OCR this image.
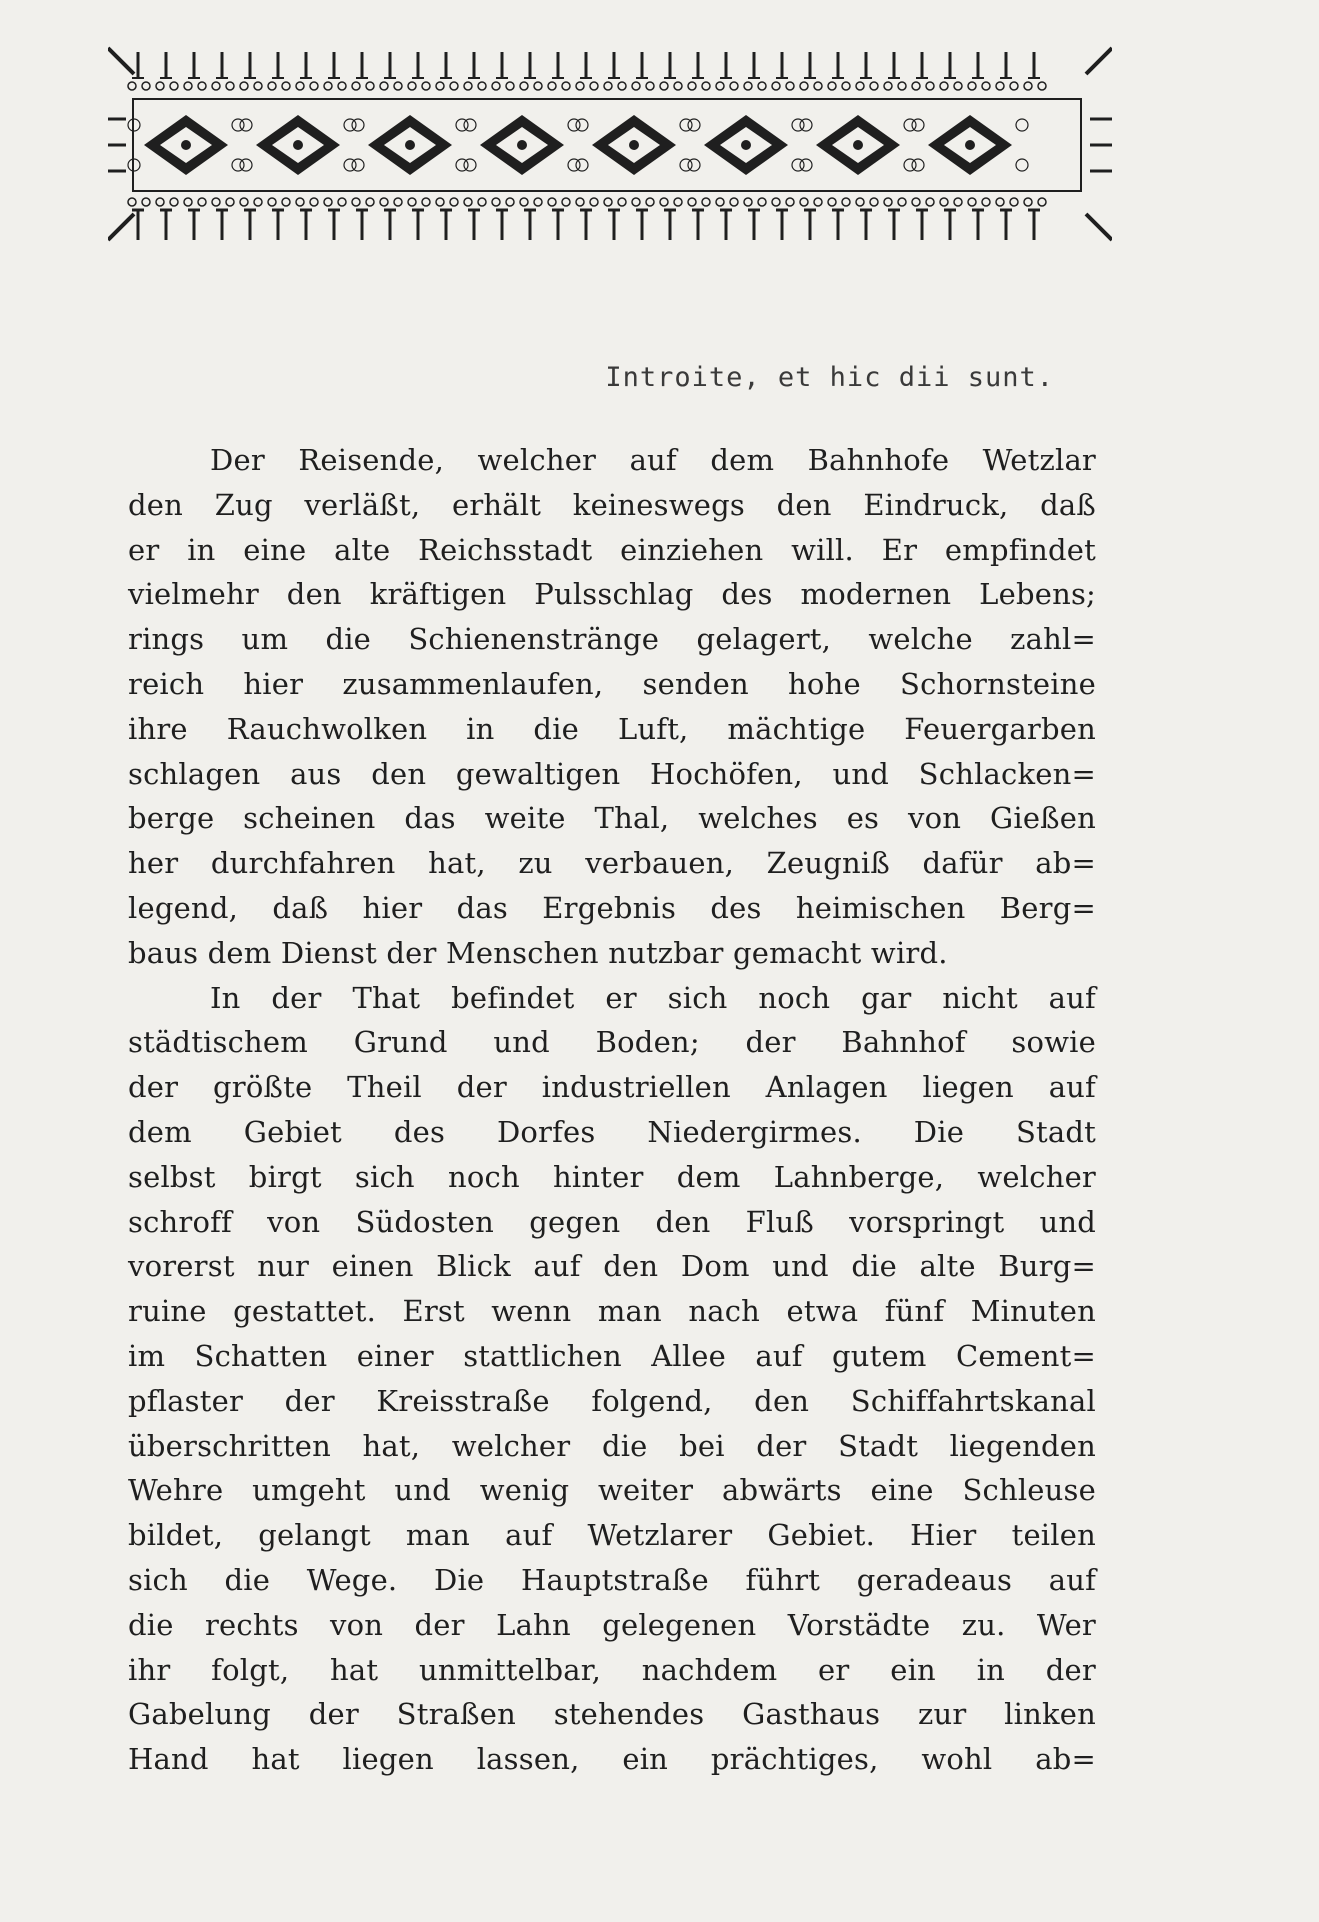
Introite, et hic dii sunt.
Der Reisende, welcher auf dem Bahnhofe Wetzlar
den Zug verläßt, erhält keineswegs den Eindruck, daß
er in eine alte Reichsstadt einziehen will. Er empfindet
vielmehr den kräftigen Pulsschlag des modernen Lebens;
rings um die Schienenstränge gelagert, welche zahl=
reich hier zusammenlaufen, senden hohe Schornsteine
ihre Rauchwolken in die Luft, mächtige Feuergarben
schlagen aus den gewaltigen Hochöfen, und Schlacken=
berge scheinen das weite Thal, welches es von Gießen
her durchfahren hat, zu verbauen, Zeugniß dafür ab=
legend, daß hier das Ergebnis des heimischen Berg=
baus dem Dienst der Menschen nutzbar gemacht wird.
In der That befindet er sich noch gar nicht auf
städtischem Grund und Boden; der Bahnhof sowie
der größte Theil der industriellen Anlagen liegen auf
dem Gebiet des Dorfes Niedergirmes. Die Stadt
selbst birgt sich noch hinter dem Lahnberge, welcher
schroff von Südosten gegen den Fluß vorspringt und
vorerst nur einen Blick auf den Dom und die alte Burg=
ruine gestattet. Erst wenn man nach etwa fünf Minuten
im Schatten einer stattlichen Allee auf gutem Cement=
pflaster der Kreisstraße folgend, den Schiffahrtskanal
überschritten hat, welcher die bei der Stadt liegenden
Wehre umgeht und wenig weiter abwärts eine Schleuse
bildet, gelangt man auf Wetzlarer Gebiet. Hier teilen
sich die Wege. Die Hauptstraße führt geradeaus auf
die rechts von der Lahn gelegenen Vorstädte zu. Wer
ihr folgt, hat unmittelbar, nachdem er ein in der
Gabelung der Straßen stehendes Gasthaus zur linken
Hand hat liegen lassen, ein prächtiges, wohl ab=
